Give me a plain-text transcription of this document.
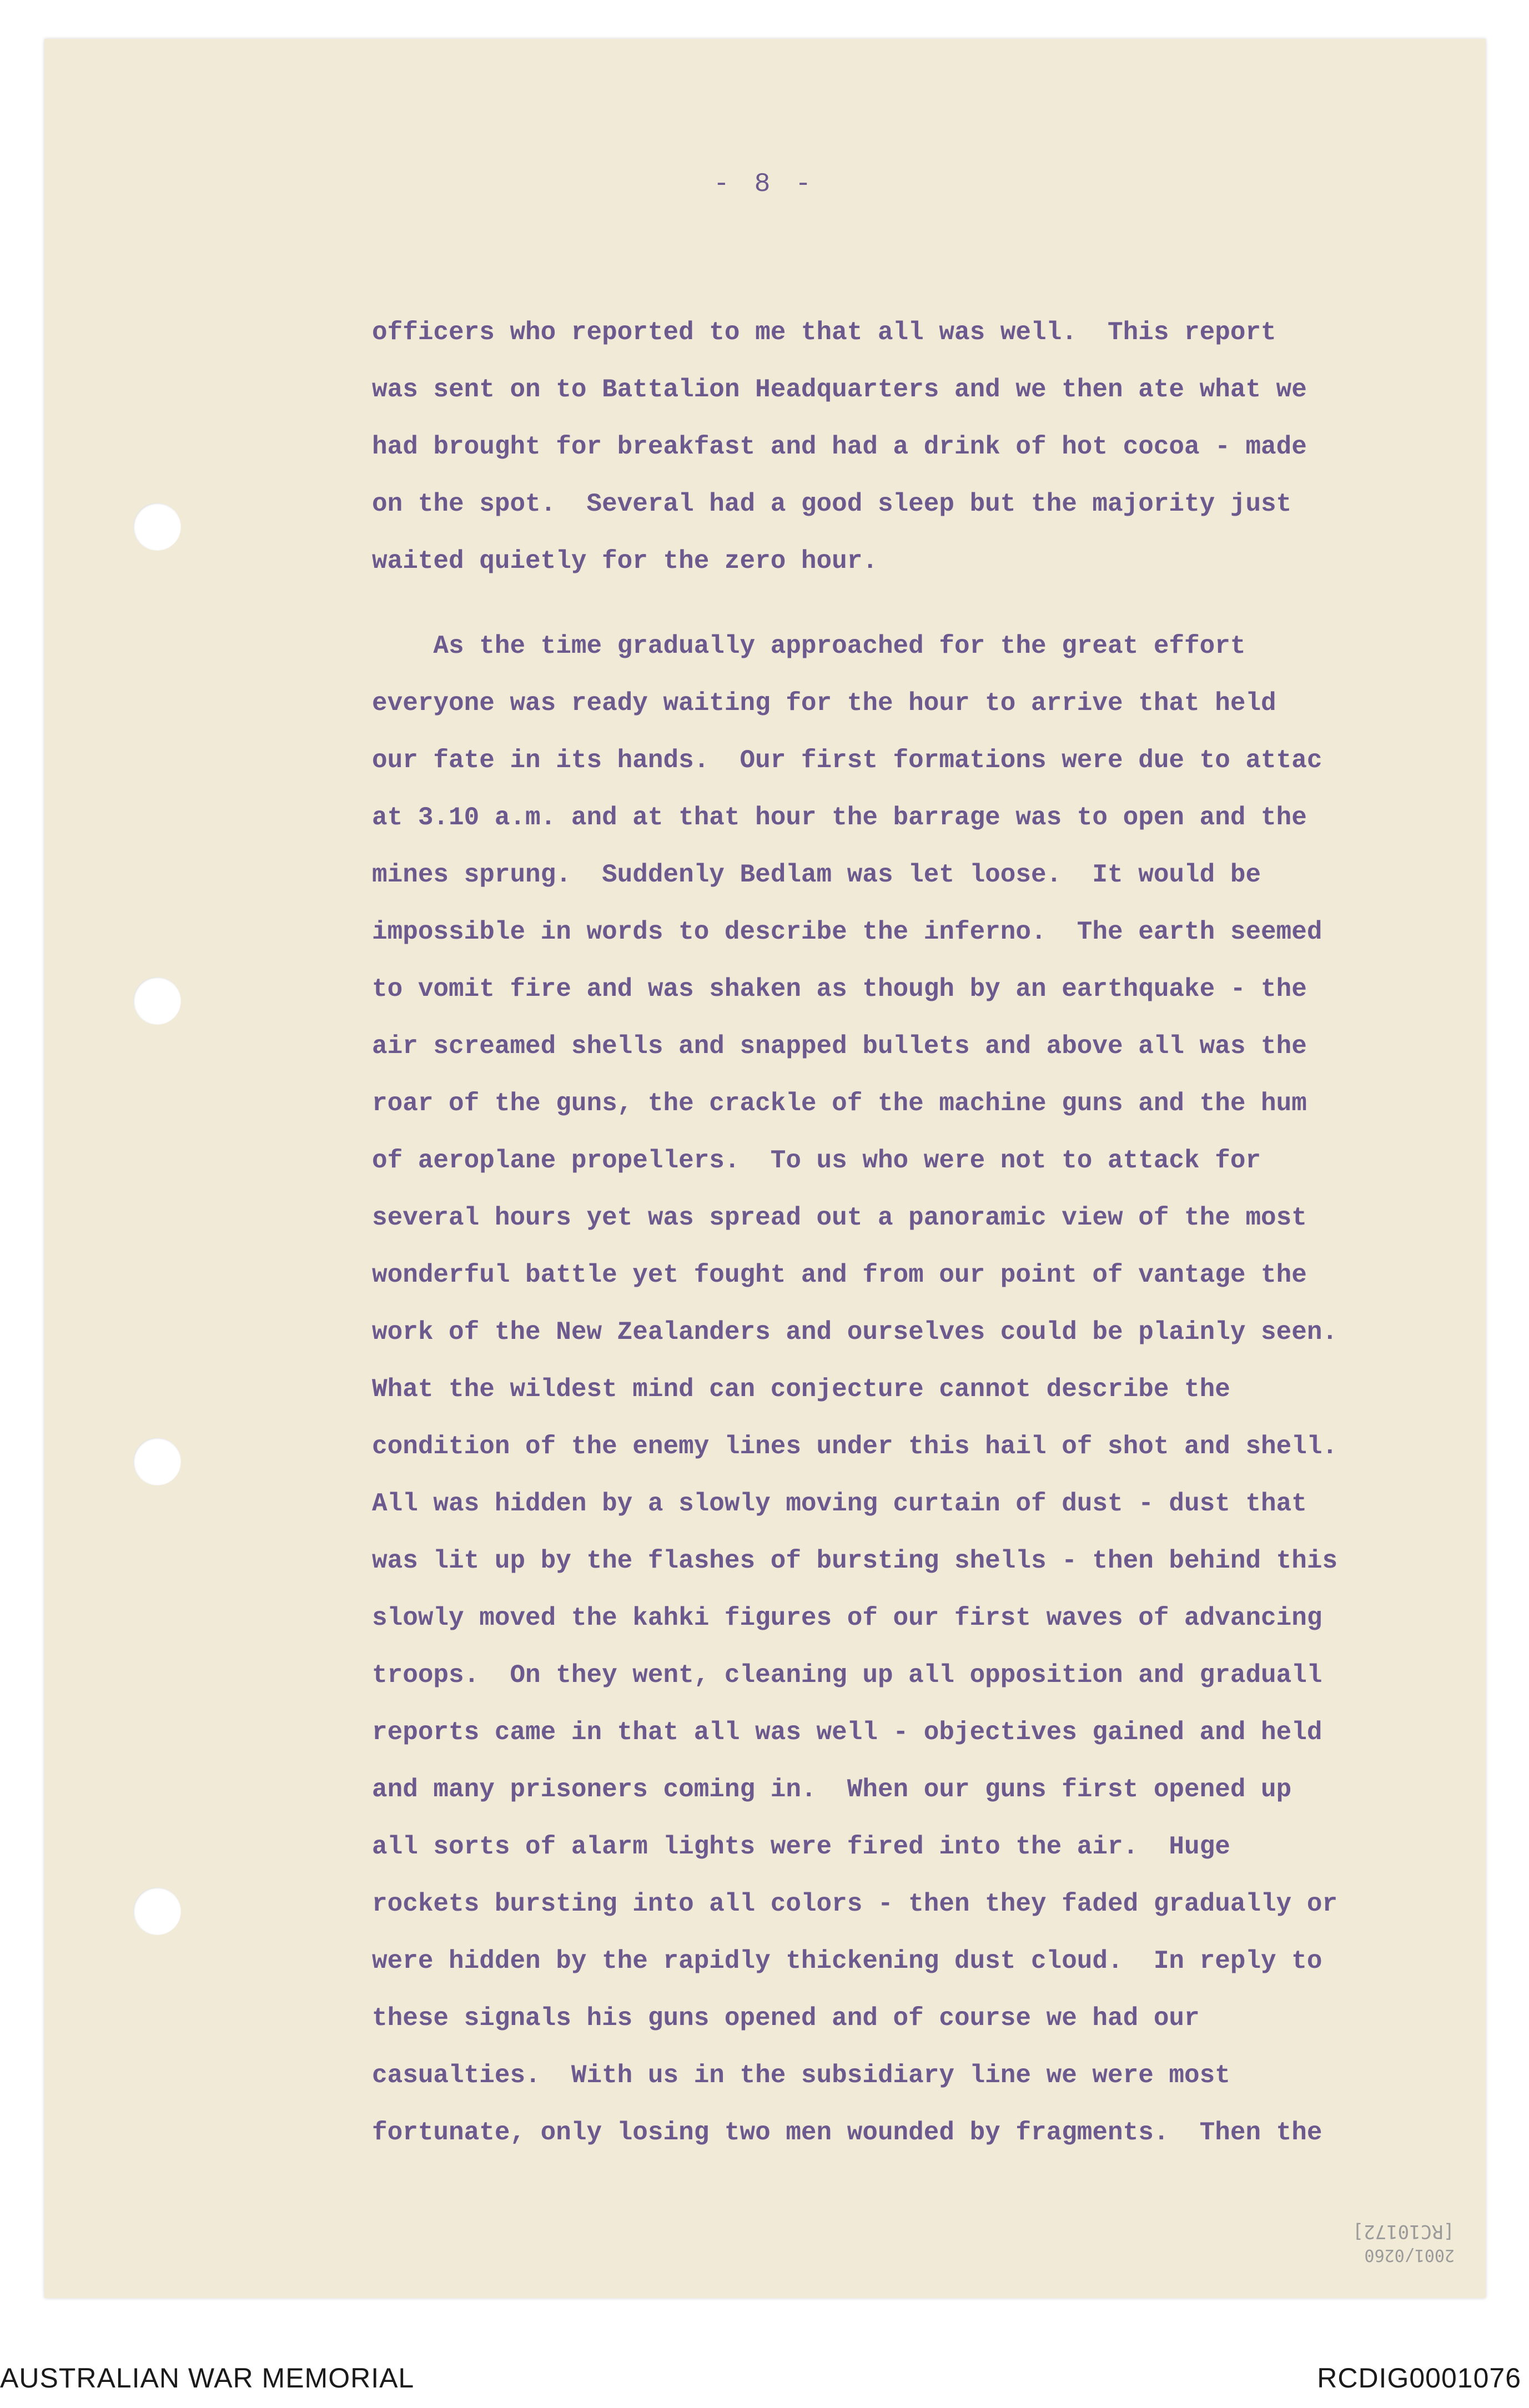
- 8 -
officers who reported to me that all was well.  This report
was sent on to Battalion Headquarters and we then ate what we
had brought for breakfast and had a drink of hot cocoa - made
on the spot.  Several had a good sleep but the majority just
waited quietly for the zero hour.
As the time gradually approached for the great effort
everyone was ready waiting for the hour to arrive that held
our fate in its hands.  Our first formations were due to attac
at 3.10 a.m. and at that hour the barrage was to open and the
mines sprung.  Suddenly Bedlam was let loose.  It would be
impossible in words to describe the inferno.  The earth seemed
to vomit fire and was shaken as though by an earthquake - the
air screamed shells and snapped bullets and above all was the
roar of the guns, the crackle of the machine guns and the hum
of aeroplane propellers.  To us who were not to attack for
several hours yet was spread out a panoramic view of the most
wonderful battle yet fought and from our point of vantage the
work of the New Zealanders and ourselves could be plainly seen.
What the wildest mind can conjecture cannot describe the
condition of the enemy lines under this hail of shot and shell.
All was hidden by a slowly moving curtain of dust - dust that
was lit up by the flashes of bursting shells - then behind this
slowly moved the kahki figures of our first waves of advancing
troops.  On they went, cleaning up all opposition and graduall
reports came in that all was well - objectives gained and held
and many prisoners coming in.  When our guns first opened up
all sorts of alarm lights were fired into the air.  Huge
rockets bursting into all colors - then they faded gradually or
were hidden by the rapidly thickening dust cloud.  In reply to
these signals his guns opened and of course we had our
casualties.  With us in the subsidiary line we were most
fortunate, only losing two men wounded by fragments.  Then the
[RC10172]
2001/0260
AUSTRALIAN WAR MEMORIAL	RCDIG0001076
